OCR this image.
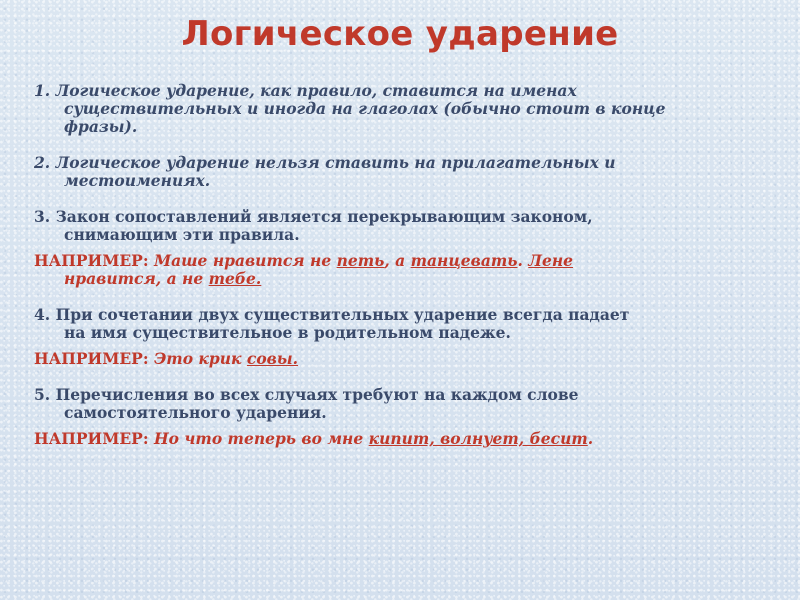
Логическое ударение

1. Логическое ударение, как правило, ставится на именах
существительных и иногда на глаголах (обычно стоит в конце
фразы).

2. Логическое ударение нельзя ставить на прилагательных и
местоимениях.

3. Закон сопоставлений является перекрывающим законом,
снимающим эти правила.

НАПРИМЕР: Маше нравится не петь, а танцевать. Лене
нравится, а не тебе.

4. При сочетании двух существительных ударение всегда падает
на имя существительное в родительном падеже.

НАПРИМЕР: Это крик совы.

5. Перечисления во всех случаях требуют на каждом слове
самостоятельного ударения.

НАПРИМЕР: Но что теперь во мне кипит, волнует, бесит.
